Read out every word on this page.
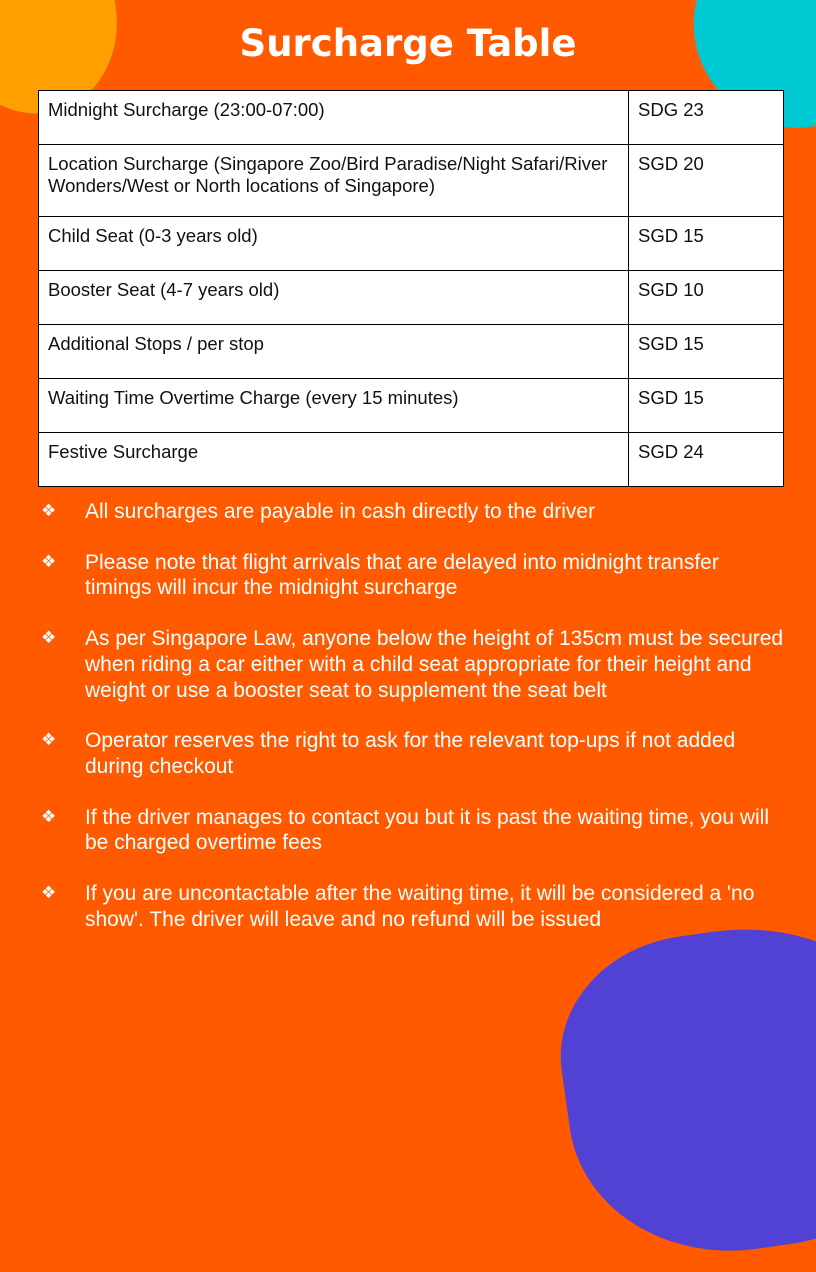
Surcharge Table
Midnight Surcharge (23:00-07:00)	SDG 23
Location Surcharge (Singapore Zoo/Bird Paradise/Night Safari/River Wonders/West or North locations of Singapore)	SGD 20
Child Seat (0-3 years old)	SGD 15
Booster Seat (4-7 years old)	SGD 10
Additional Stops / per stop	SGD 15
Waiting Time Overtime Charge (every 15 minutes)	SGD 15
Festive Surcharge	SGD 24
❖ All surcharges are payable in cash directly to the driver
❖ Please note that flight arrivals that are delayed into midnight transfer timings will incur the midnight surcharge
❖ As per Singapore Law, anyone below the height of 135cm must be secured when riding a car either with a child seat appropriate for their height and weight or use a booster seat to supplement the seat belt
❖ Operator reserves the right to ask for the relevant top-ups if not added during checkout
❖ If the driver manages to contact you but it is past the waiting time, you will be charged overtime fees
❖ If you are uncontactable after the waiting time, it will be considered a 'no show'. The driver will leave and no refund will be issued
